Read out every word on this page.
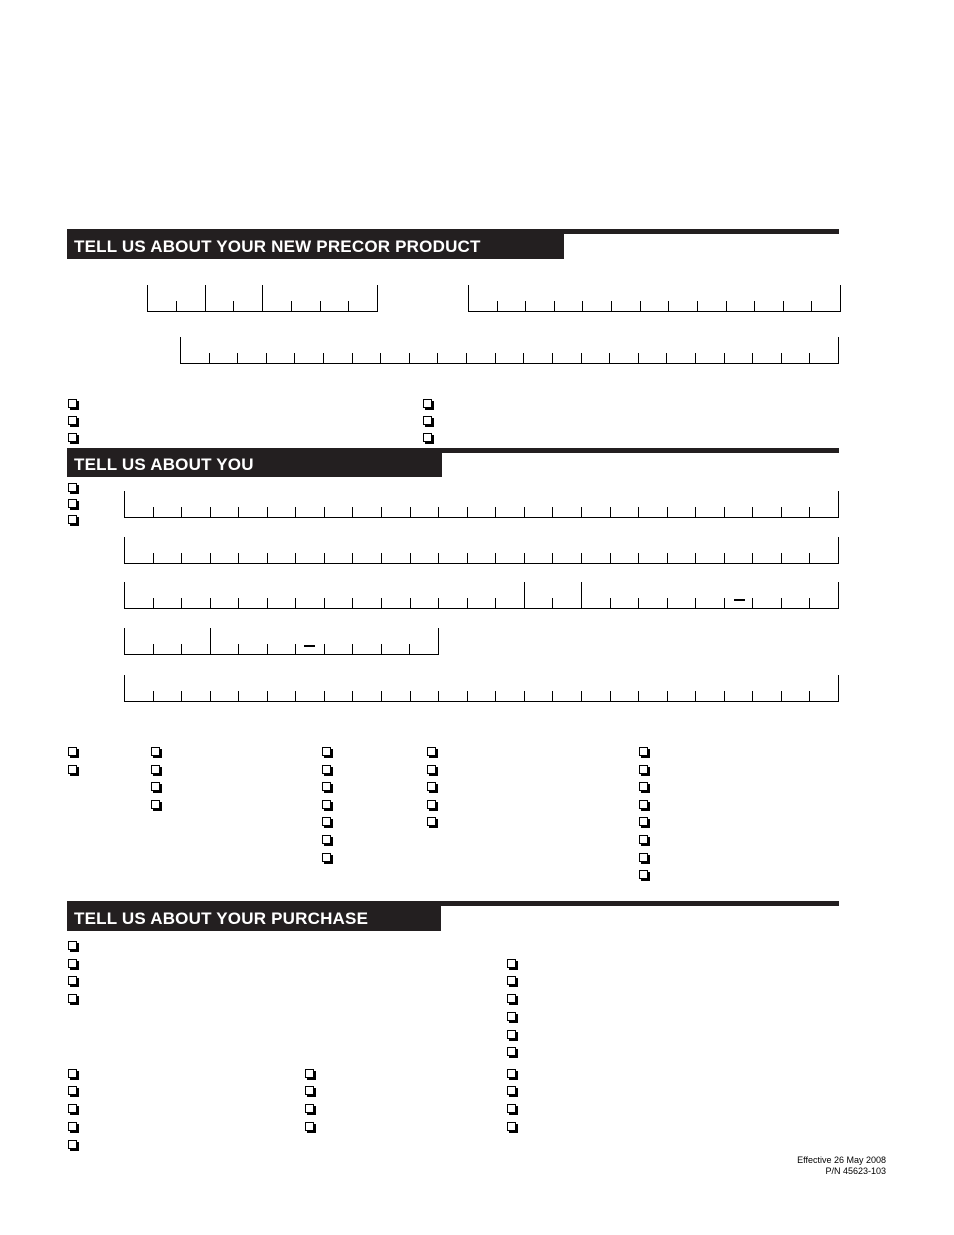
TELL US ABOUT YOUR NEW PRECOR PRODUCT
TELL US ABOUT YOU
TELL US ABOUT YOUR PURCHASE
Effective 26 May 2008
P/N 45623-103
